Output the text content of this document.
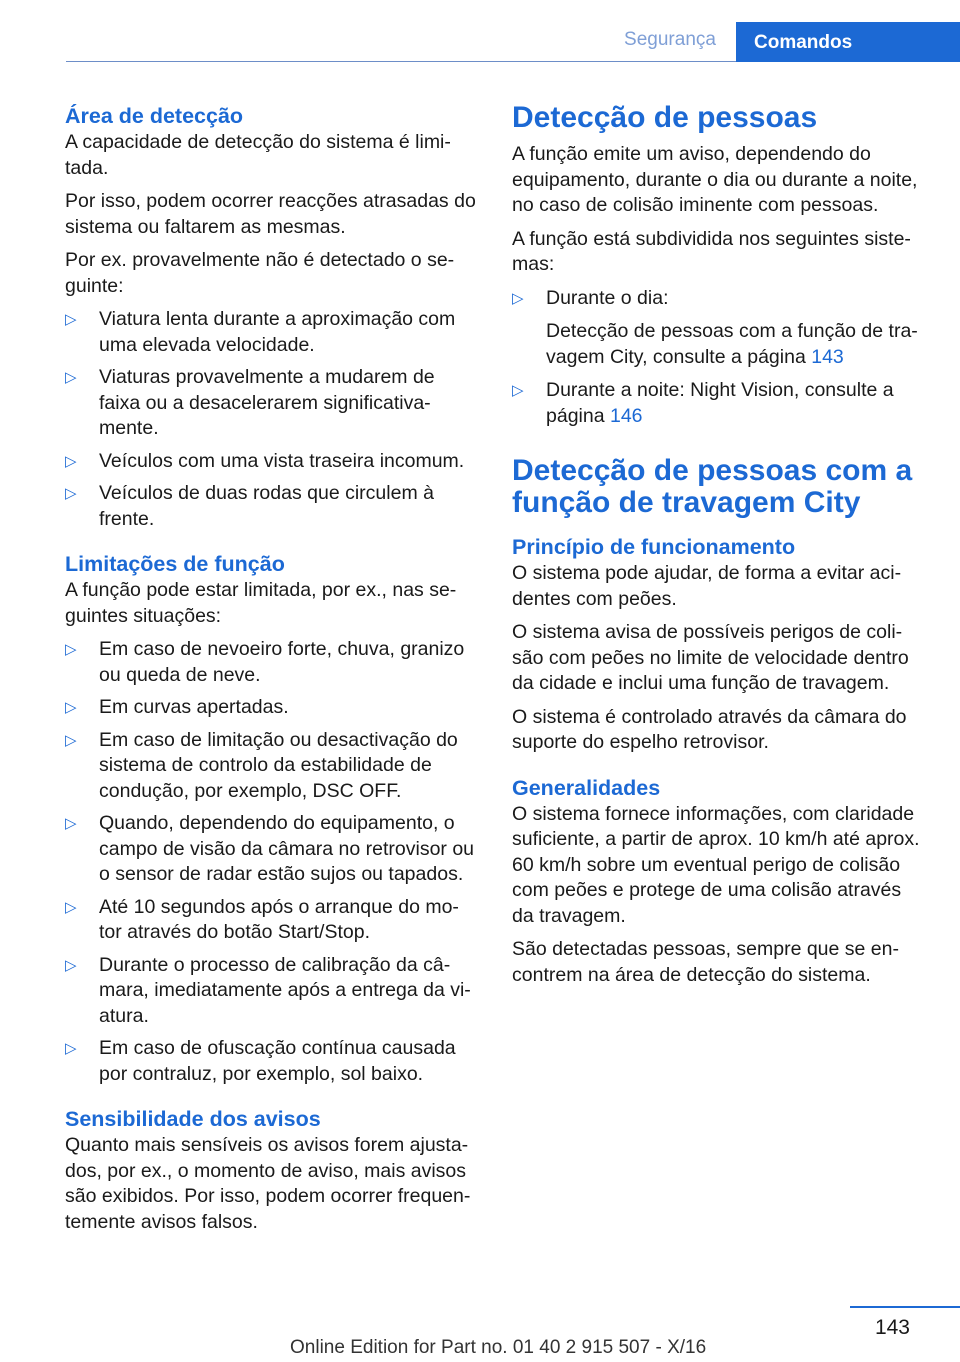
Segurança	Comandos
Área de detecção

A capacidade de detecção do sistema é limi-tada.

Por isso, podem ocorrer reacções atrasadas do sistema ou faltarem as mesmas.

Por ex. provavelmente não é detectado o se-guinte:

▷ Viatura lenta durante a aproximação com uma elevada velocidade.
▷ Viaturas provavelmente a mudarem de faixa ou a desacelerarem significativa-mente.
▷ Veículos com uma vista traseira incomum.
▷ Veículos de duas rodas que circulem à frente.
Limitações de função

A função pode estar limitada, por ex., nas se-guintes situações:

▷ Em caso de nevoeiro forte, chuva, granizo ou queda de neve.
▷ Em curvas apertadas.
▷ Em caso de limitação ou desactivação do sistema de controlo da estabilidade de condução, por exemplo, DSC OFF.
▷ Quando, dependendo do equipamento, o campo de visão da câmara no retrovisor ou o sensor de radar estão sujos ou tapados.
▷ Até 10 segundos após o arranque do mo-tor através do botão Start/Stop.
▷ Durante o processo de calibração da câ-mara, imediatamente após a entrega da vi-atura.
▷ Em caso de ofuscação contínua causada por contraluz, por exemplo, sol baixo.
Sensibilidade dos avisos

Quanto mais sensíveis os avisos forem ajusta-dos, por ex., o momento de aviso, mais avisos são exibidos. Por isso, podem ocorrer frequen-temente avisos falsos.

Detecção de pessoas

A função emite um aviso, dependendo do equipamento, durante o dia ou durante a noite, no caso de colisão iminente com pessoas.

A função está subdividida nos seguintes siste-mas:

▷ Durante o dia:

Detecção de pessoas com a função de tra-vagem City, consulte a página 143

▷ Durante a noite: Night Vision, consulte a página 146
Detecção de pessoas com a função de travagem City
Princípio de funcionamento

O sistema pode ajudar, de forma a evitar aci-dentes com peões.

O sistema avisa de possíveis perigos de coli-são com peões no limite de velocidade dentro da cidade e inclui uma função de travagem.

O sistema é controlado através da câmara do suporte do espelho retrovisor.

Generalidades

O sistema fornece informações, com claridade suficiente, a partir de aprox. 10 km/h até aprox. 60 km/h sobre um eventual perigo de colisão com peões e protege de uma colisão através da travagem.

São detectadas pessoas, sempre que se en-contrem na área de detecção do sistema.

143
Online Edition for Part no. 01 40 2 915 507 - X/16
